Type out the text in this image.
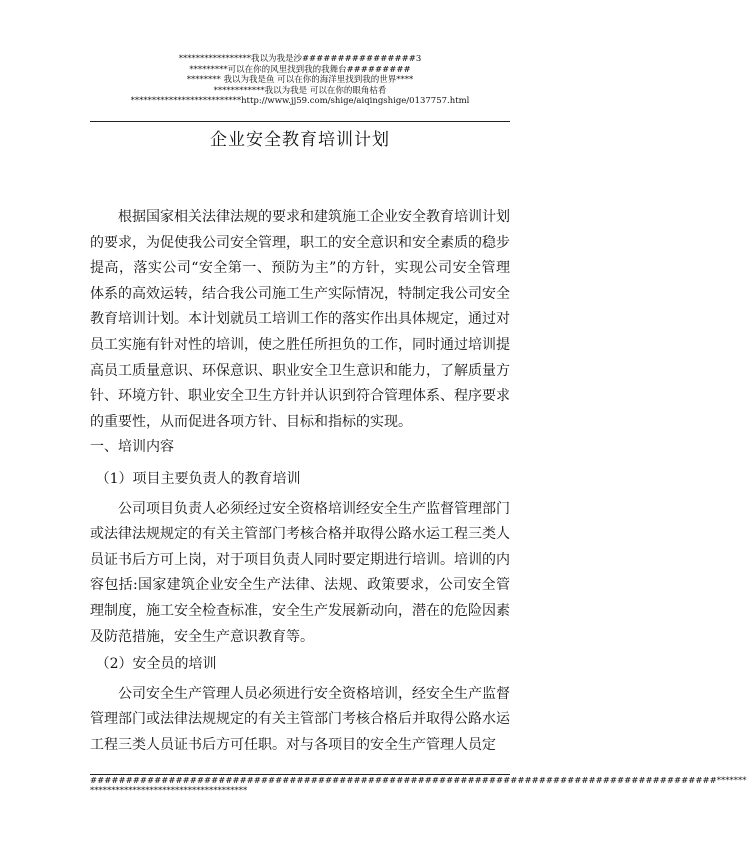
*****************我以为我是沙################3
*********可以在你的风里找到我的我舞台#########
******** 我以为我是鱼 可以在你的海洋里找到我的世界****
************我以为我是 可以在你的眼角枯肴
**************************http://www.jj59.com/shige/aiqingshige/0137757.html
企业安全教育培训计划

根据国家相关法律法规的要求和建筑施工企业安全教育培训计划的要求，为促使我公司安全管理，职工的安全意识和安全素质的稳步提高，落实公司“安全第一、预防为主”的方针，实现公司安全管理体系的高效运转，结合我公司施工生产实际情况，特制定我公司安全教育培训计划。本计划就员工培训工作的落实作出具体规定，通过对员工实施有针对性的培训，使之胜任所担负的工作，同时通过培训提高员工质量意识、环保意识、职业安全卫生意识和能力，了解质量方针、环境方针、职业安全卫生方针并认识到符合管理体系、程序要求的重要性，从而促进各项方针、目标和指标的实现。

一、培训内容

（1）项目主要负责人的教育培训

公司项目负责人必须经过安全资格培训经安全生产监督管理部门或法律法规规定的有关主管部门考核合格并取得公路水运工程三类人员证书后方可上岗，对于项目负责人同时要定期进行培训。培训的内容包括:国家建筑企业安全生产法律、法规、政策要求，公司安全管理制度，施工安全检查标准，安全生产发展新动向，潜在的危险因素及防范措施，安全生产意识教育等。

（2）安全员的培训

公司安全生产管理人员必须进行安全资格培训，经安全生产监督管理部门或法律法规规定的有关主管部门考核合格后并取得公路水运工程三类人员证书后方可任职。对与各项目的安全生产管理人员定

########################################################################################*******
*************************************
